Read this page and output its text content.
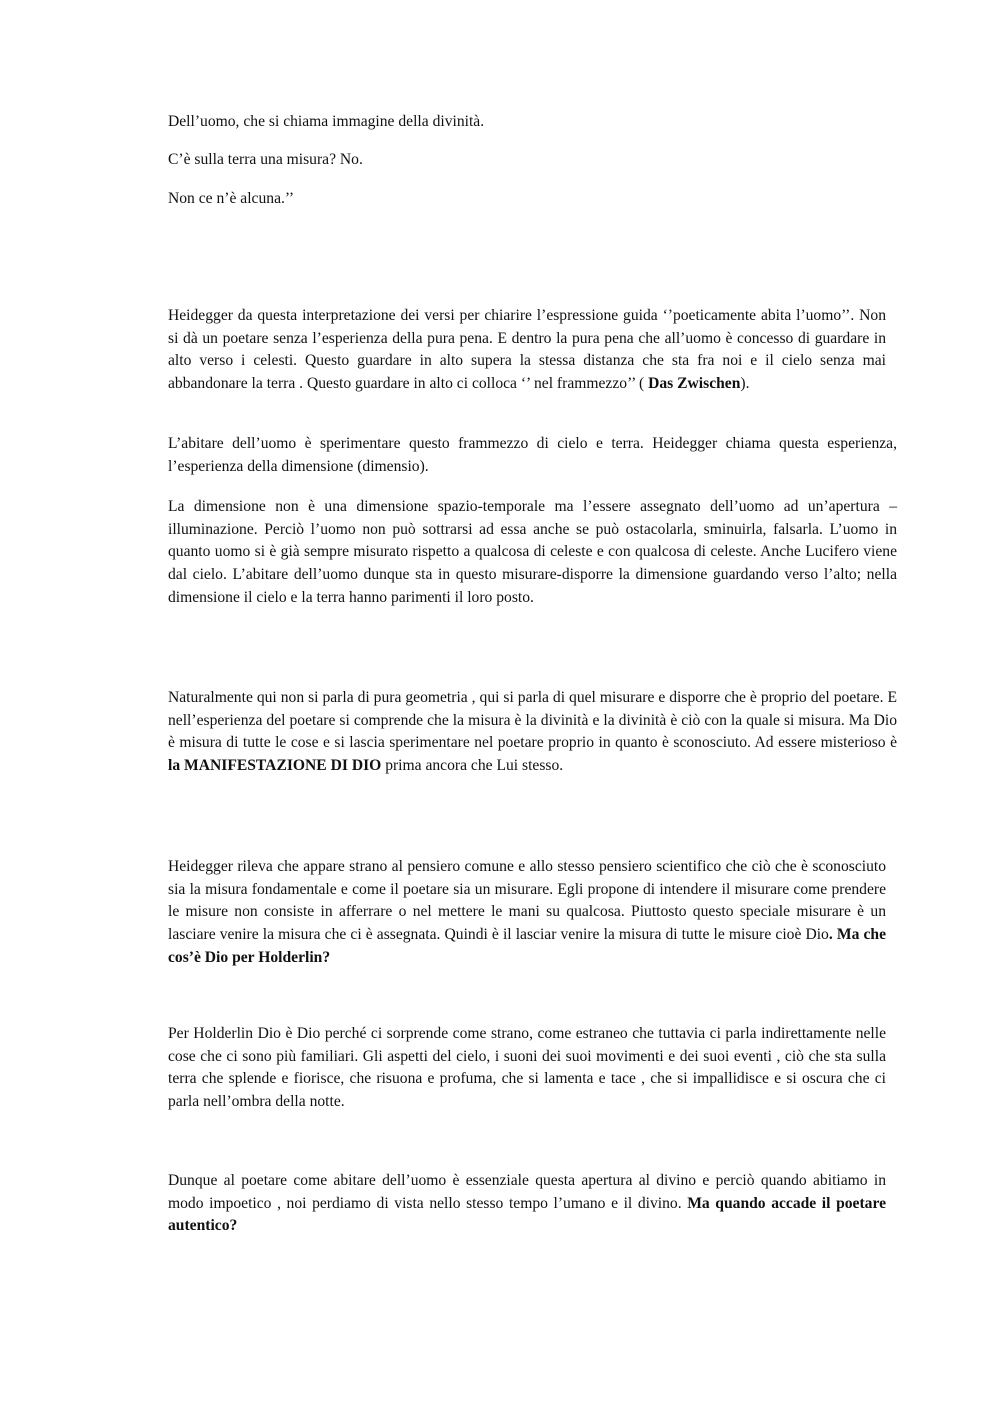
Dell’uomo, che si chiama immagine della divinità.

C’è sulla terra una misura? No.

Non ce n’è alcuna.’’

Heidegger da questa interpretazione dei versi per chiarire l’espressione guida ‘’poeticamente abita l’uomo’’. Non si dà un poetare senza l’esperienza della pura pena. E dentro la pura pena che all’uomo è concesso di guardare in alto verso i celesti. Questo guardare in alto supera la stessa distanza che sta fra noi e il cielo senza mai abbandonare la terra . Questo guardare in alto ci colloca ‘’ nel frammezzo’’ ( Das Zwischen).

L’abitare dell’uomo è sperimentare questo frammezzo di cielo e terra. Heidegger chiama questa esperienza, l’esperienza della dimensione (dimensio).

La dimensione non è una dimensione spazio-temporale ma l’essere assegnato dell’uomo ad un’apertura –illuminazione. Perciò l’uomo non può sottrarsi ad essa anche se può ostacolarla, sminuirla, falsarla. L’uomo in quanto uomo si è già sempre misurato rispetto a qualcosa di celeste e con qualcosa di celeste. Anche Lucifero viene dal cielo. L’abitare dell’uomo dunque sta in questo misurare-disporre la dimensione guardando verso l’alto; nella dimensione il cielo e la terra hanno parimenti il loro posto.

Naturalmente qui non si parla di pura geometria , qui si parla di quel misurare e disporre che è proprio del poetare. E nell’esperienza del poetare si comprende che la misura è la divinità e la divinità è ciò con la quale si misura. Ma Dio è misura di tutte le cose e si lascia sperimentare nel poetare proprio in quanto è sconosciuto. Ad essere misterioso è la MANIFESTAZIONE DI DIO prima ancora che Lui stesso.

Heidegger rileva che appare strano al pensiero comune e allo stesso pensiero scientifico che ciò che è sconosciuto sia la misura fondamentale e come il poetare sia un misurare. Egli propone di intendere il misurare come prendere le misure non consiste in afferrare o nel mettere le mani su qualcosa. Piuttosto questo speciale misurare è un lasciare venire la misura che ci è assegnata. Quindi è il lasciar venire la misura di tutte le misure cioè Dio. Ma che cos’è Dio per Holderlin?

Per Holderlin Dio è Dio perché ci sorprende come strano, come estraneo che tuttavia ci parla indirettamente nelle cose che ci sono più familiari. Gli aspetti del cielo, i suoni dei suoi movimenti e dei suoi eventi , ciò che sta sulla terra che splende e fiorisce, che risuona e profuma, che si lamenta e tace , che si impallidisce e si oscura che ci parla nell’ombra della notte.

Dunque al poetare come abitare dell’uomo è essenziale questa apertura al divino e perciò quando abitiamo in modo impoetico , noi perdiamo di vista nello stesso tempo l’umano e il divino. Ma quando accade il poetare autentico?
